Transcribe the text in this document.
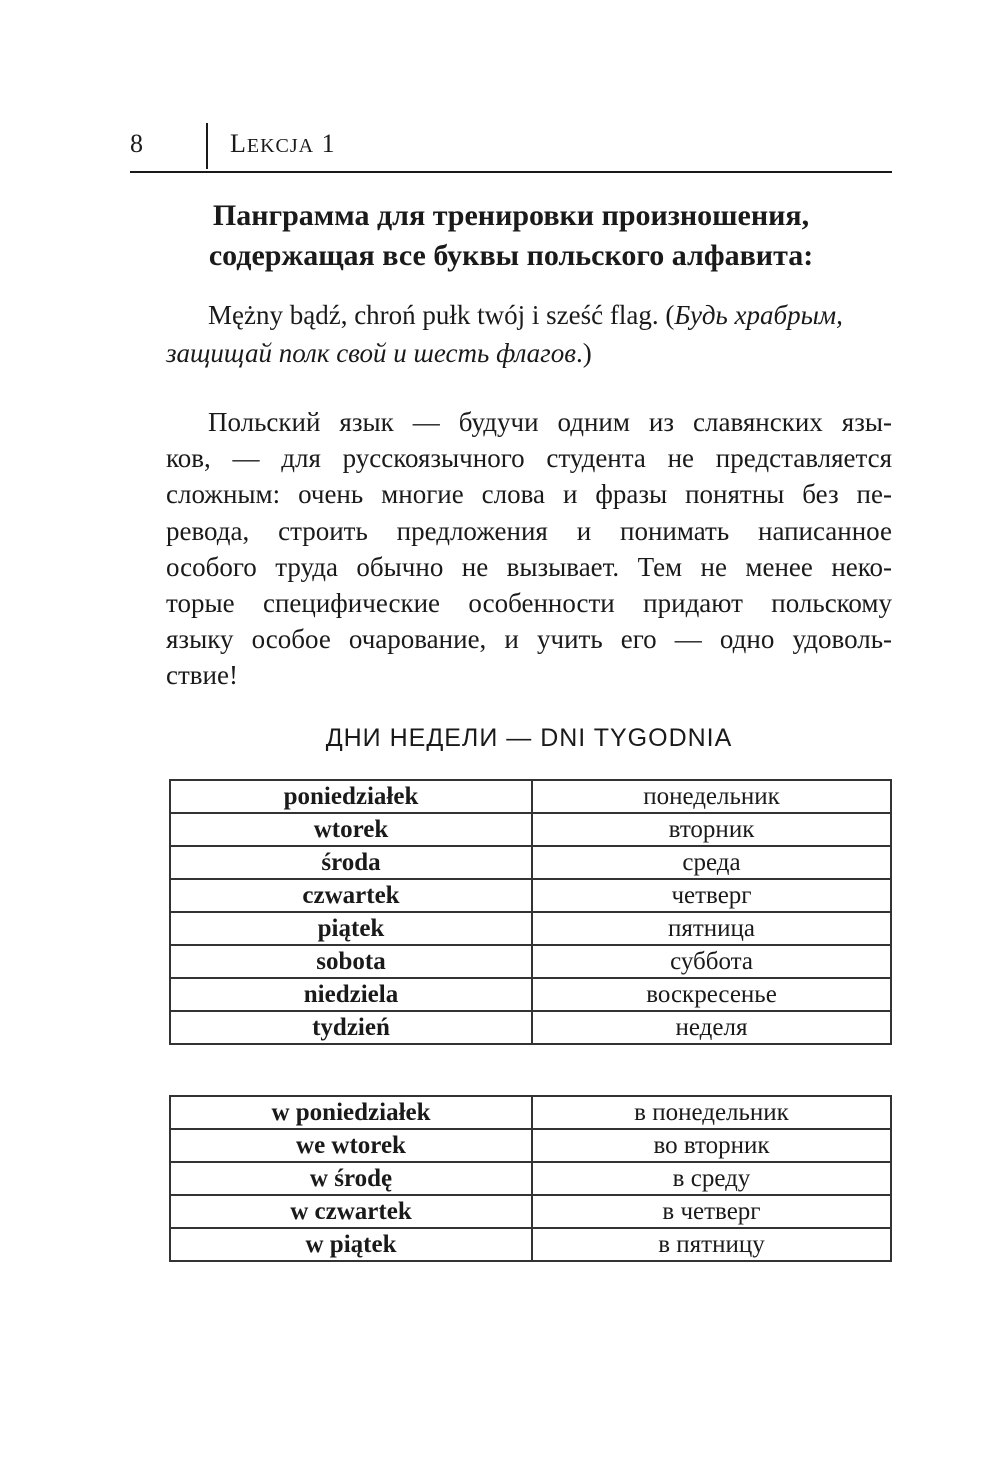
8	LEKCJA 1
Панграмма для тренировки произношения,
содержащая все буквы польского алфавита:
Mężny bądź, chroń pułk twój i sześć flag. (Будь храбрым,
защищай полк свой и шесть флагов.)
Польский язык — будучи одним из славянских язы-
ков, — для русскоязычного студента не представляется
сложным: очень многие слова и фразы понятны без пе-
ревода, строить предложения и понимать написанное
особого труда обычно не вызывает. Тем не менее неко-
торые специфические особенности придают польскому
языку особое очарование, и учить его — одно удоволь-
ствие!
ДНИ НЕДЕЛИ — DNI TYGODNIA
poniedziałek	понедельник
wtorek	вторник
środa	среда
czwartek	четверг
piątek	пятница
sobota	суббота
niedziela	воскресенье
tydzień	неделя
w poniedziałek	в понедельник
we wtorek	во вторник
w środę	в среду
w czwartek	в четверг
w piątek	в пятницу
